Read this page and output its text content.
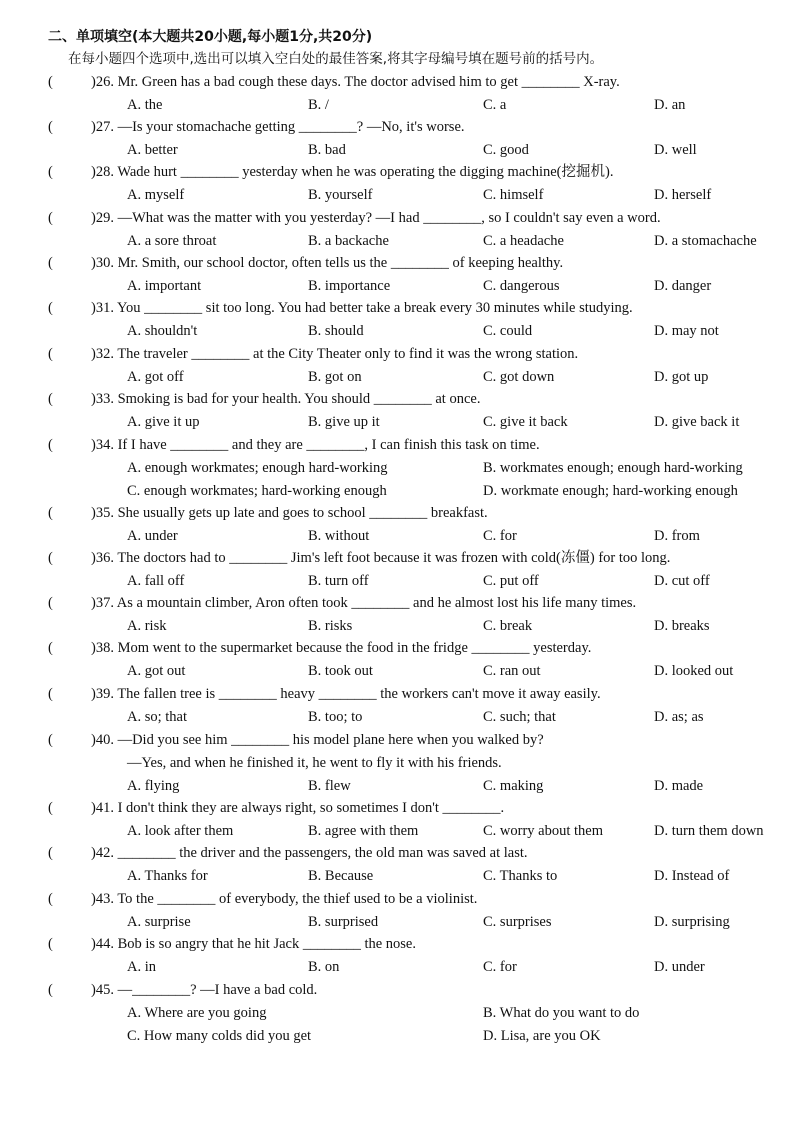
二、单项填空(本大题共20小题,每小题1分,共20分)
在每小题四个选项中,选出可以填入空白处的最佳答案,将其字母编号填在题号前的括号内。
(	)26. Mr. Green has a bad cough these days. The doctor advised him to get ________ X-ray.
A. the	B. /	C. a	D. an
(	)27. —Is your stomachache getting ________? —No, it's worse.
A. better	B. bad	C. good	D. well
(	)28. Wade hurt ________ yesterday when he was operating the digging machine(挖掘机).
A. myself	B. yourself	C. himself	D. herself
(	)29. —What was the matter with you yesterday? —I had ________, so I couldn't say even a word.
A. a sore throat	B. a backache	C. a headache	D. a stomachache
(	)30. Mr. Smith, our school doctor, often tells us the ________ of keeping healthy.
A. important	B. importance	C. dangerous	D. danger
(	)31. You ________ sit too long. You had better take a break every 30 minutes while studying.
A. shouldn't	B. should	C. could	D. may not
(	)32. The traveler ________ at the City Theater only to find it was the wrong station.
A. got off	B. got on	C. got down	D. got up
(	)33. Smoking is bad for your health. You should ________ at once.
A. give it up	B. give up it	C. give it back	D. give back it
(	)34. If I have ________ and they are ________, I can finish this task on time.
A. enough workmates; enough hard-working	B. workmates enough; enough hard-working
C. enough workmates; hard-working enough	D. workmate enough; hard-working enough
(	)35. She usually gets up late and goes to school ________ breakfast.
A. under	B. without	C. for	D. from
(	)36. The doctors had to ________ Jim's left foot because it was frozen with cold(冻僵) for too long.
A. fall off	B. turn off	C. put off	D. cut off
(	)37. As a mountain climber, Aron often took ________ and he almost lost his life many times.
A. risk	B. risks	C. break	D. breaks
(	)38. Mom went to the supermarket because the food in the fridge ________ yesterday.
A. got out	B. took out	C. ran out	D. looked out
(	)39. The fallen tree is ________ heavy ________ the workers can't move it away easily.
A. so; that	B. too; to	C. such; that	D. as; as
(	)40. —Did you see him ________ his model plane here when you walked by?
—Yes, and when he finished it, he went to fly it with his friends.
A. flying	B. flew	C. making	D. made
(	)41. I don't think they are always right, so sometimes I don't ________.
A. look after them	B. agree with them	C. worry about them	D. turn them down
(	)42. ________ the driver and the passengers, the old man was saved at last.
A. Thanks for	B. Because	C. Thanks to	D. Instead of
(	)43. To the ________ of everybody, the thief used to be a violinist.
A. surprise	B. surprised	C. surprises	D. surprising
(	)44. Bob is so angry that he hit Jack ________ the nose.
A. in	B. on	C. for	D. under
(	)45. —________? —I have a bad cold.
A. Where are you going	B. What do you want to do
C. How many colds did you get	D. Lisa, are you OK
